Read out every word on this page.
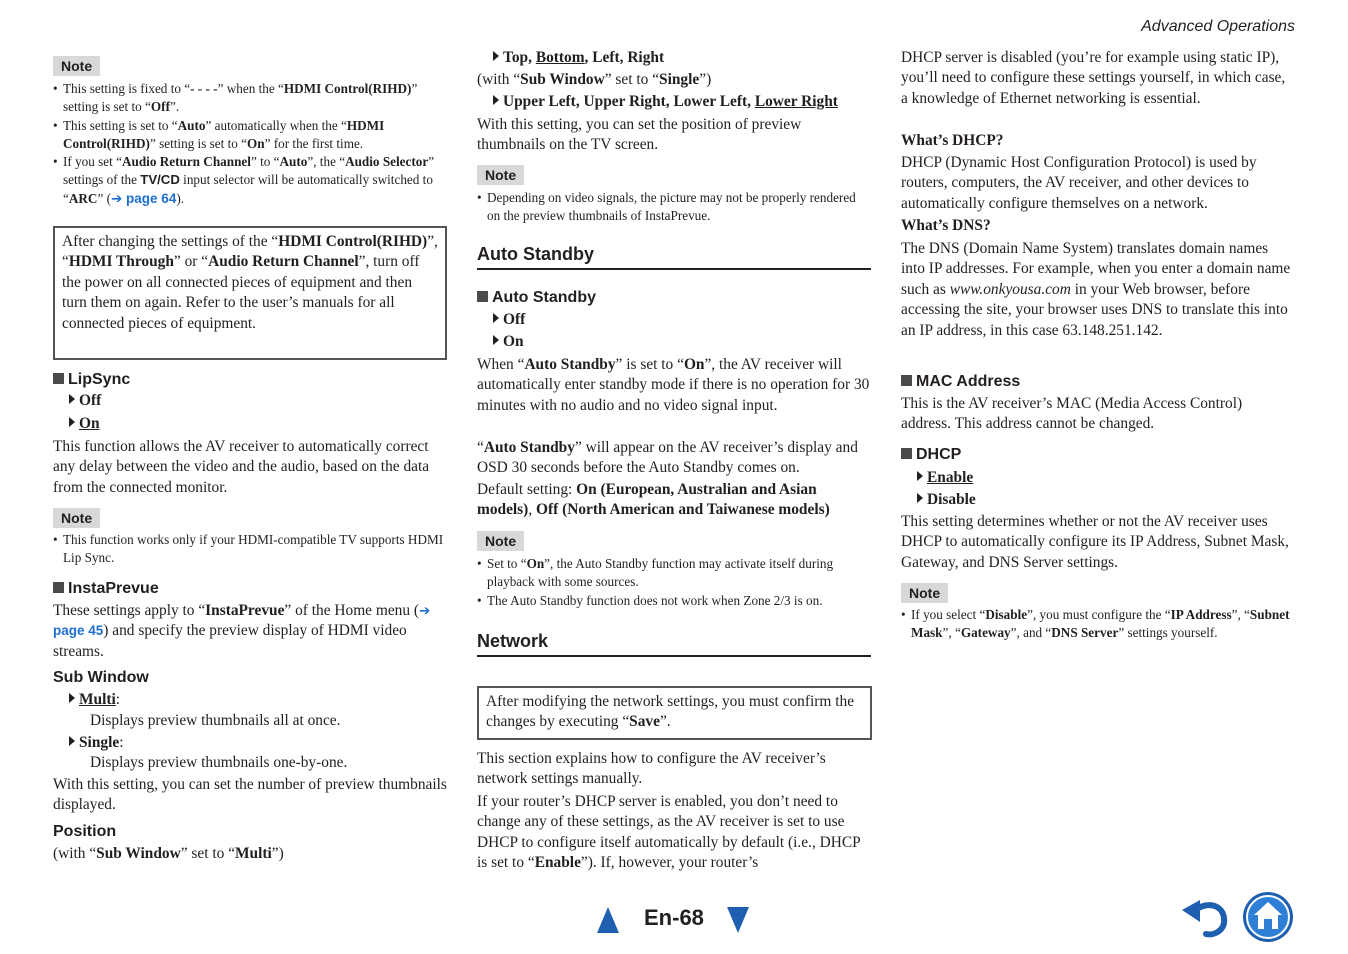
Advanced Operations
Note
• This setting is fixed to “- - - -” when the “HDMI Control(RIHD)” setting is set to “Off”.
• This setting is set to “Auto” automatically when the “HDMI Control(RIHD)” setting is set to “On” for the first time.
• If you set “Audio Return Channel” to “Auto”, the “Audio Selector” settings of the TV/CD input selector will be automatically switched to “ARC” (➔ page 64).
After changing the settings of the “HDMI Control(RIHD)”, “HDMI Through” or “Audio Return Channel”, turn off the power on all connected pieces of equipment and then turn them on again. Refer to the user’s manuals for all connected pieces of equipment.
LipSync
Off
On
This function allows the AV receiver to automatically correct any delay between the video and the audio, based on the data from the connected monitor.
Note
• This function works only if your HDMI-compatible TV supports HDMI Lip Sync.
InstaPrevue
These settings apply to “InstaPrevue” of the Home menu (➔ page 45) and specify the preview display of HDMI video streams.
Sub Window
Multi:
Displays preview thumbnails all at once.
Single:
Displays preview thumbnails one-by-one.
With this setting, you can set the number of preview thumbnails displayed.
Position
(with “Sub Window” set to “Multi”)
Top, Bottom, Left, Right
(with “Sub Window” set to “Single”)
Upper Left, Upper Right, Lower Left, Lower Right
With this setting, you can set the position of preview thumbnails on the TV screen.
Note
• Depending on video signals, the picture may not be properly rendered on the preview thumbnails of InstaPrevue.
Auto Standby
Auto Standby
Off
On
When “Auto Standby” is set to “On”, the AV receiver will automatically enter standby mode if there is no operation for 30 minutes with no audio and no video signal input.
“Auto Standby” will appear on the AV receiver’s display and OSD 30 seconds before the Auto Standby comes on.
Default setting: On (European, Australian and Asian models), Off (North American and Taiwanese models)
Note
• Set to “On”, the Auto Standby function may activate itself during playback with some sources.
• The Auto Standby function does not work when Zone 2/3 is on.
Network
After modifying the network settings, you must confirm the changes by executing “Save”.
This section explains how to configure the AV receiver’s network settings manually.
If your router’s DHCP server is enabled, you don’t need to change any of these settings, as the AV receiver is set to use DHCP to configure itself automatically by default (i.e., DHCP is set to “Enable”). If, however, your router’s
DHCP server is disabled (you’re for example using static IP), you’ll need to configure these settings yourself, in which case, a knowledge of Ethernet networking is essential.
What’s DHCP?
DHCP (Dynamic Host Configuration Protocol) is used by routers, computers, the AV receiver, and other devices to automatically configure themselves on a network.
What’s DNS?
The DNS (Domain Name System) translates domain names into IP addresses. For example, when you enter a domain name such as www.onkyousa.com in your Web browser, before accessing the site, your browser uses DNS to translate this into an IP address, in this case 63.148.251.142.
MAC Address
This is the AV receiver’s MAC (Media Access Control) address. This address cannot be changed.
DHCP
Enable
Disable
This setting determines whether or not the AV receiver uses DHCP to automatically configure its IP Address, Subnet Mask, Gateway, and DNS Server settings.
Note
• If you select “Disable”, you must configure the “IP Address”, “Subnet Mask”, “Gateway”, and “DNS Server” settings yourself.
En-68
